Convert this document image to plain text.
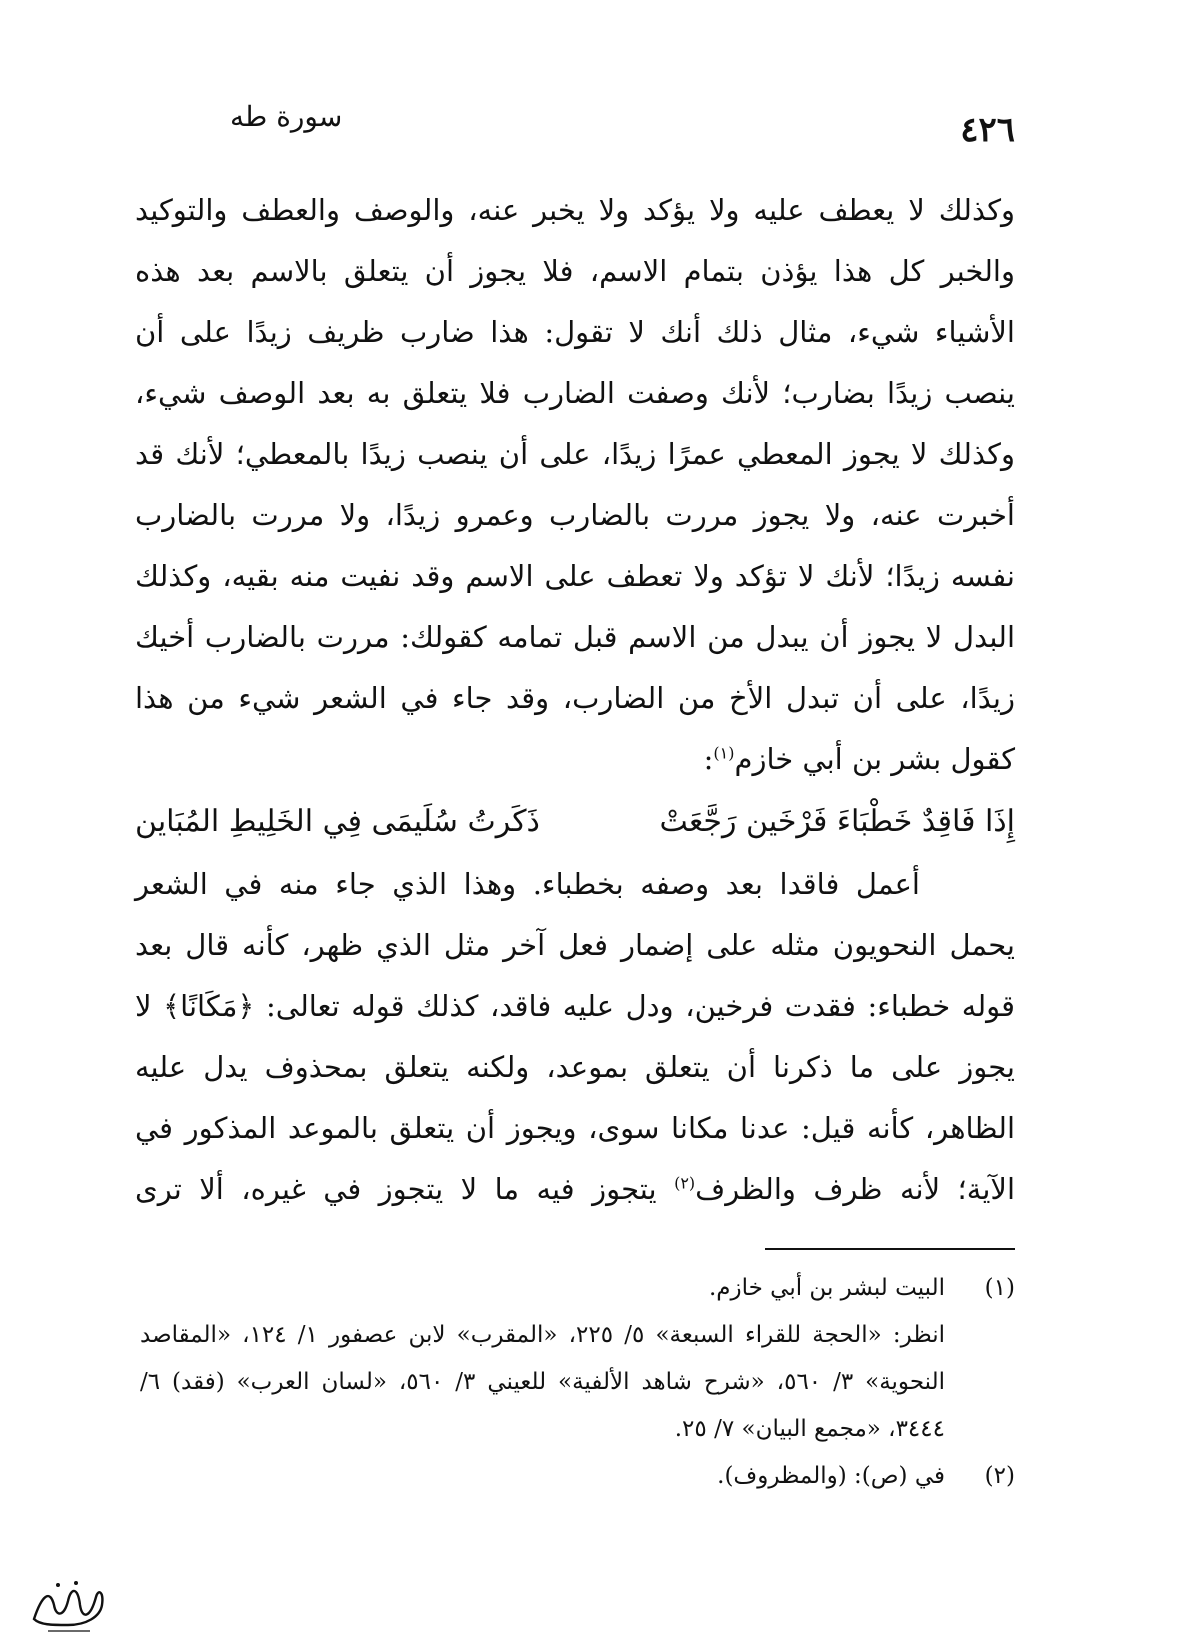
٤٢٦
سورة طه

وكذلك لا يعطف عليه ولا يؤكد ولا يخبر عنه، والوصف والعطف والتوكيد والخبر كل هذا يؤذن بتمام الاسم، فلا يجوز أن يتعلق بالاسم بعد هذه الأشياء شيء، مثال ذلك أنك لا تقول: هذا ضارب ظريف زيدًا على أن ينصب زيدًا بضارب؛ لأنك وصفت الضارب فلا يتعلق به بعد الوصف شيء، وكذلك لا يجوز المعطي عمرًا زيدًا، على أن ينصب زيدًا بالمعطي؛ لأنك قد أخبرت عنه، ولا يجوز مررت بالضارب وعمرو زيدًا، ولا مررت بالضارب نفسه زيدًا؛ لأنك لا تؤكد ولا تعطف على الاسم وقد نفيت منه بقيه، وكذلك البدل لا يجوز أن يبدل من الاسم قبل تمامه كقولك: مررت بالضارب أخيك زيدًا، على أن تبدل الأخ من الضارب، وقد جاء في الشعر شيء من هذا كقول بشر بن أبي خازم$^{(١)}$:

إِذَا فَاقِدٌ خَطْبَاءَ فَرْخَين رَجَّعَتْ
ذَكَرتُ سُلَيمَى فِي الخَلِيطِ المُبَاين

أعمل فاقدا بعد وصفه بخطباء. وهذا الذي جاء منه في الشعر يحمل النحويون مثله على إضمار فعل آخر مثل الذي ظهر، كأنه قال بعد قوله خطباء: فقدت فرخين، ودل عليه فاقد، كذلك قوله تعالى: ﴿مَكَانًا﴾ لا يجوز على ما ذكرنا أن يتعلق بموعد، ولكنه يتعلق بمحذوف يدل عليه الظاهر، كأنه قيل: عدنا مكانا سوى، ويجوز أن يتعلق بالموعد المذكور في الآية؛ لأنه ظرف والظرف$^{(٢)}$ يتجوز فيه ما لا يتجوز في غيره، ألا ترى

(١)
البيت لبشر بن أبي خازم.

انظر: «الحجة للقراء السبعة» ٥/ ٢٢٥، «المقرب» لابن عصفور ١/ ١٢٤، «المقاصد النحوية» ٣/ ٥٦٠، «شرح شاهد الألفية» للعيني ٣/ ٥٦٠، «لسان العرب» (فقد) ٦/ ٣٤٤٤، «مجمع البيان» ٧/ ٢٥.

(٢)
في (ص): (والمظروف).
